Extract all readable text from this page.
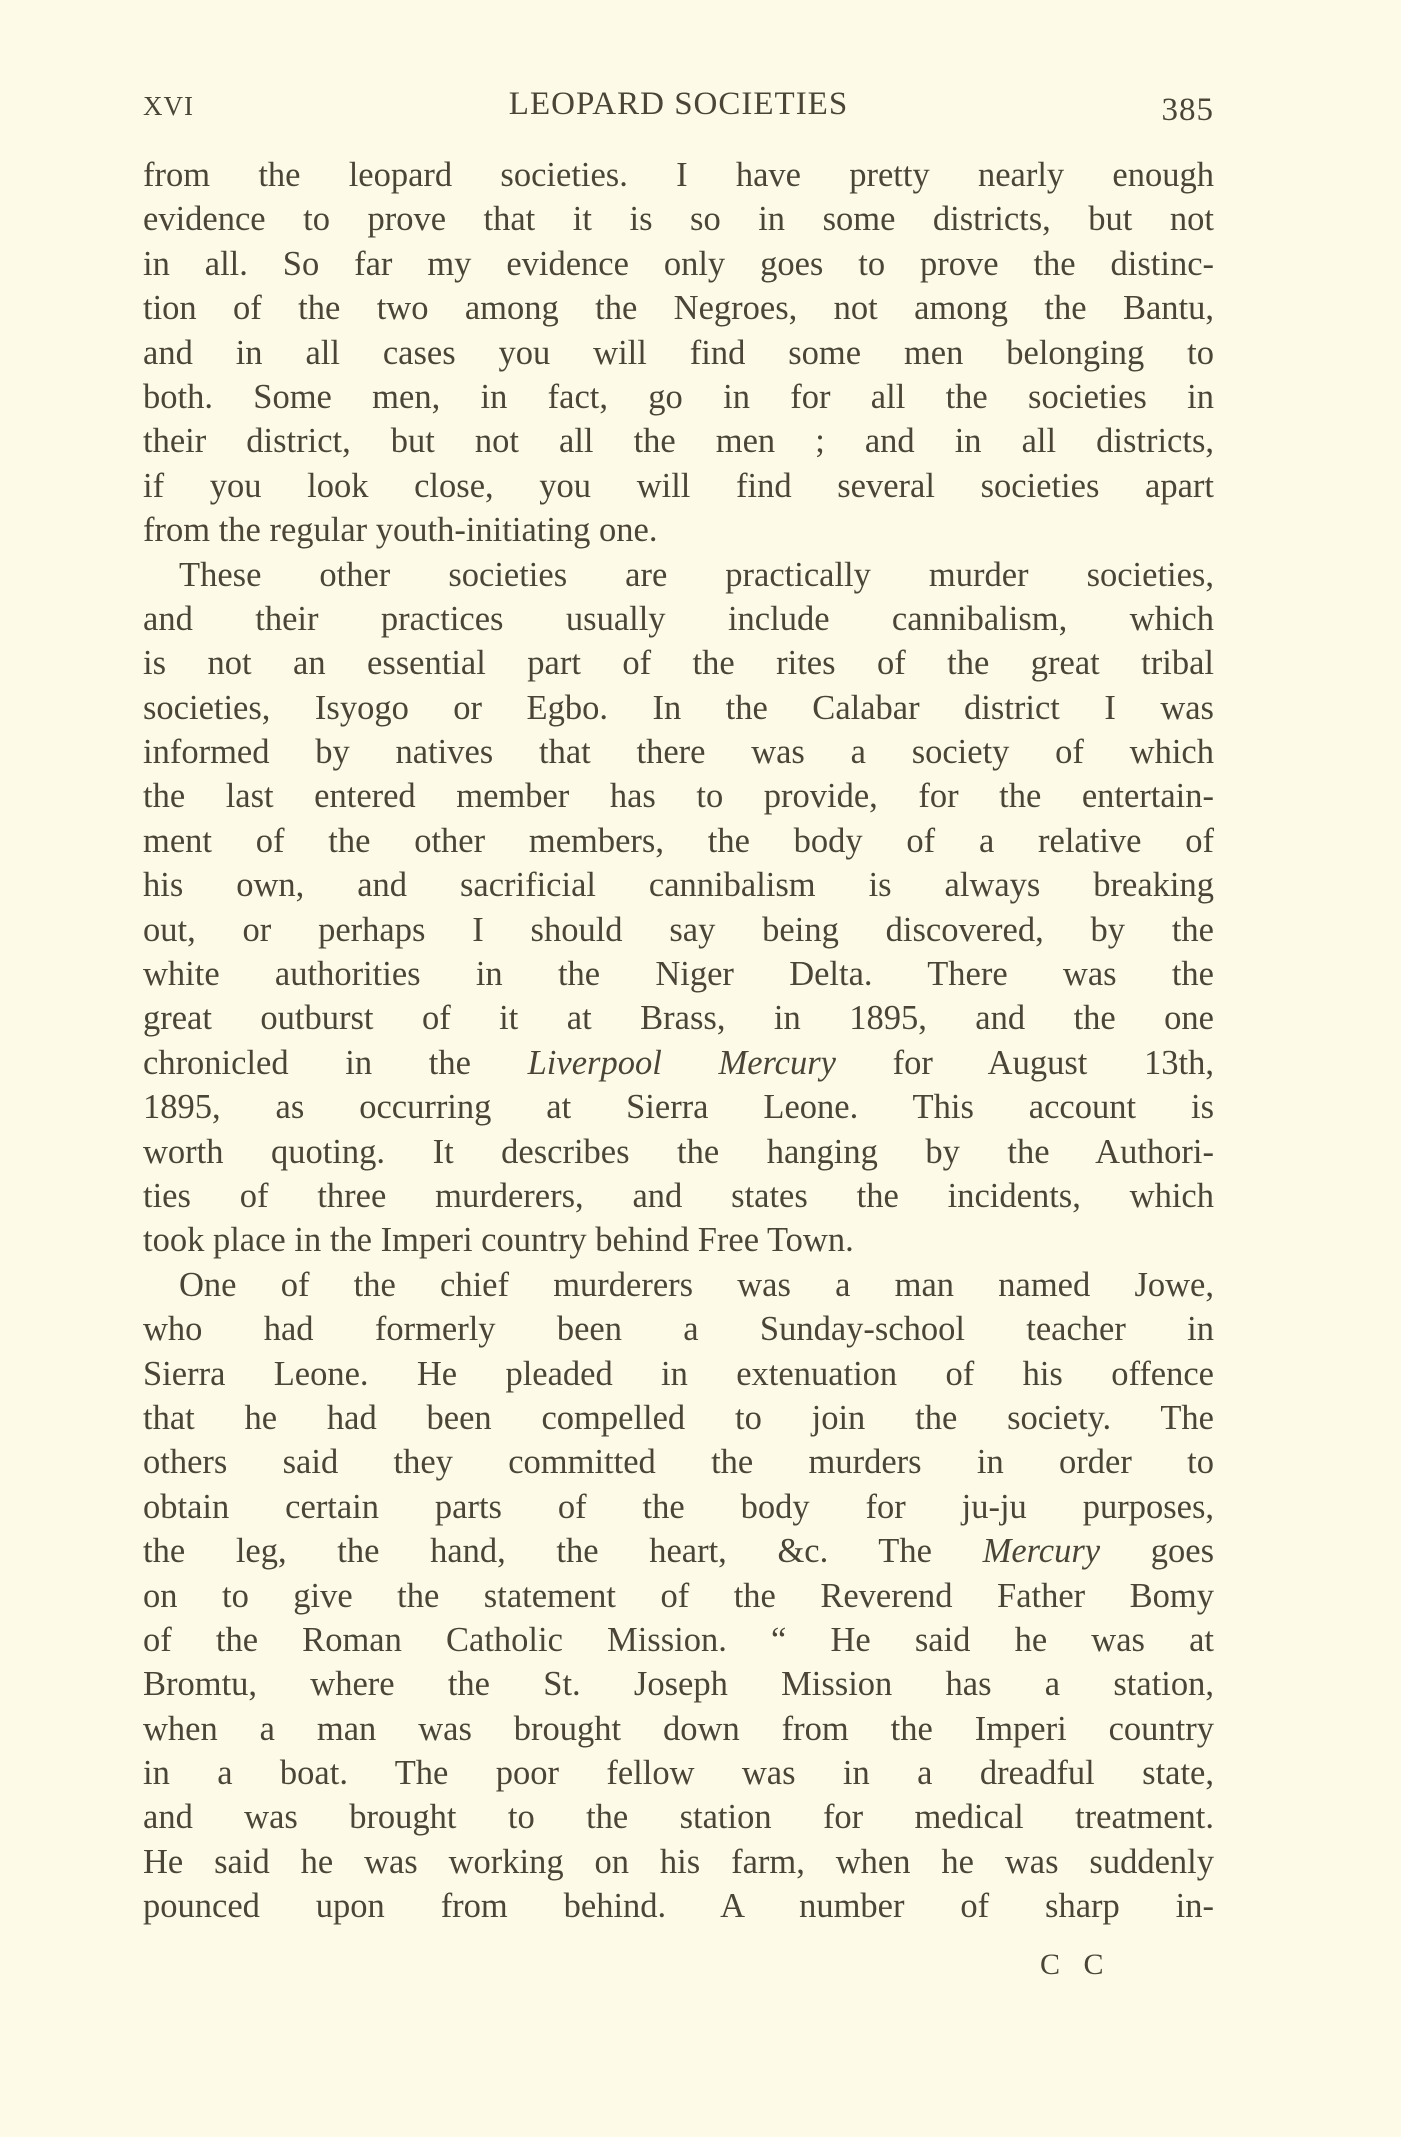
XVI	LEOPARD SOCIETIES	385
from the leopard societies. I have pretty nearly enough
evidence to prove that it is so in some districts, but not
in all. So far my evidence only goes to prove the distinc-
tion of the two among the Negroes, not among the Bantu,
and in all cases you will find some men belonging to
both. Some men, in fact, go in for all the societies in
their district, but not all the men ; and in all districts,
if you look close, you will find several societies apart
from the regular youth-initiating one.
These other societies are practically murder societies,
and their practices usually include cannibalism, which
is not an essential part of the rites of the great tribal
societies, Isyogo or Egbo. In the Calabar district I was
informed by natives that there was a society of which
the last entered member has to provide, for the entertain-
ment of the other members, the body of a relative of
his own, and sacrificial cannibalism is always breaking
out, or perhaps I should say being discovered, by the
white authorities in the Niger Delta. There was the
great outburst of it at Brass, in 1895, and the one
chronicled in the Liverpool Mercury for August 13th,
1895, as occurring at Sierra Leone. This account is
worth quoting. It describes the hanging by the Authori-
ties of three murderers, and states the incidents, which
took place in the Imperi country behind Free Town.
One of the chief murderers was a man named Jowe,
who had formerly been a Sunday-school teacher in
Sierra Leone. He pleaded in extenuation of his offence
that he had been compelled to join the society. The
others said they committed the murders in order to
obtain certain parts of the body for ju-ju purposes,
the leg, the hand, the heart, &c. The Mercury goes
on to give the statement of the Reverend Father Bomy
of the Roman Catholic Mission. “ He said he was at
Bromtu, where the St. Joseph Mission has a station,
when a man was brought down from the Imperi country
in a boat. The poor fellow was in a dreadful state,
and was brought to the station for medical treatment.
He said he was working on his farm, when he was suddenly
pounced upon from behind. A number of sharp in-
C C
